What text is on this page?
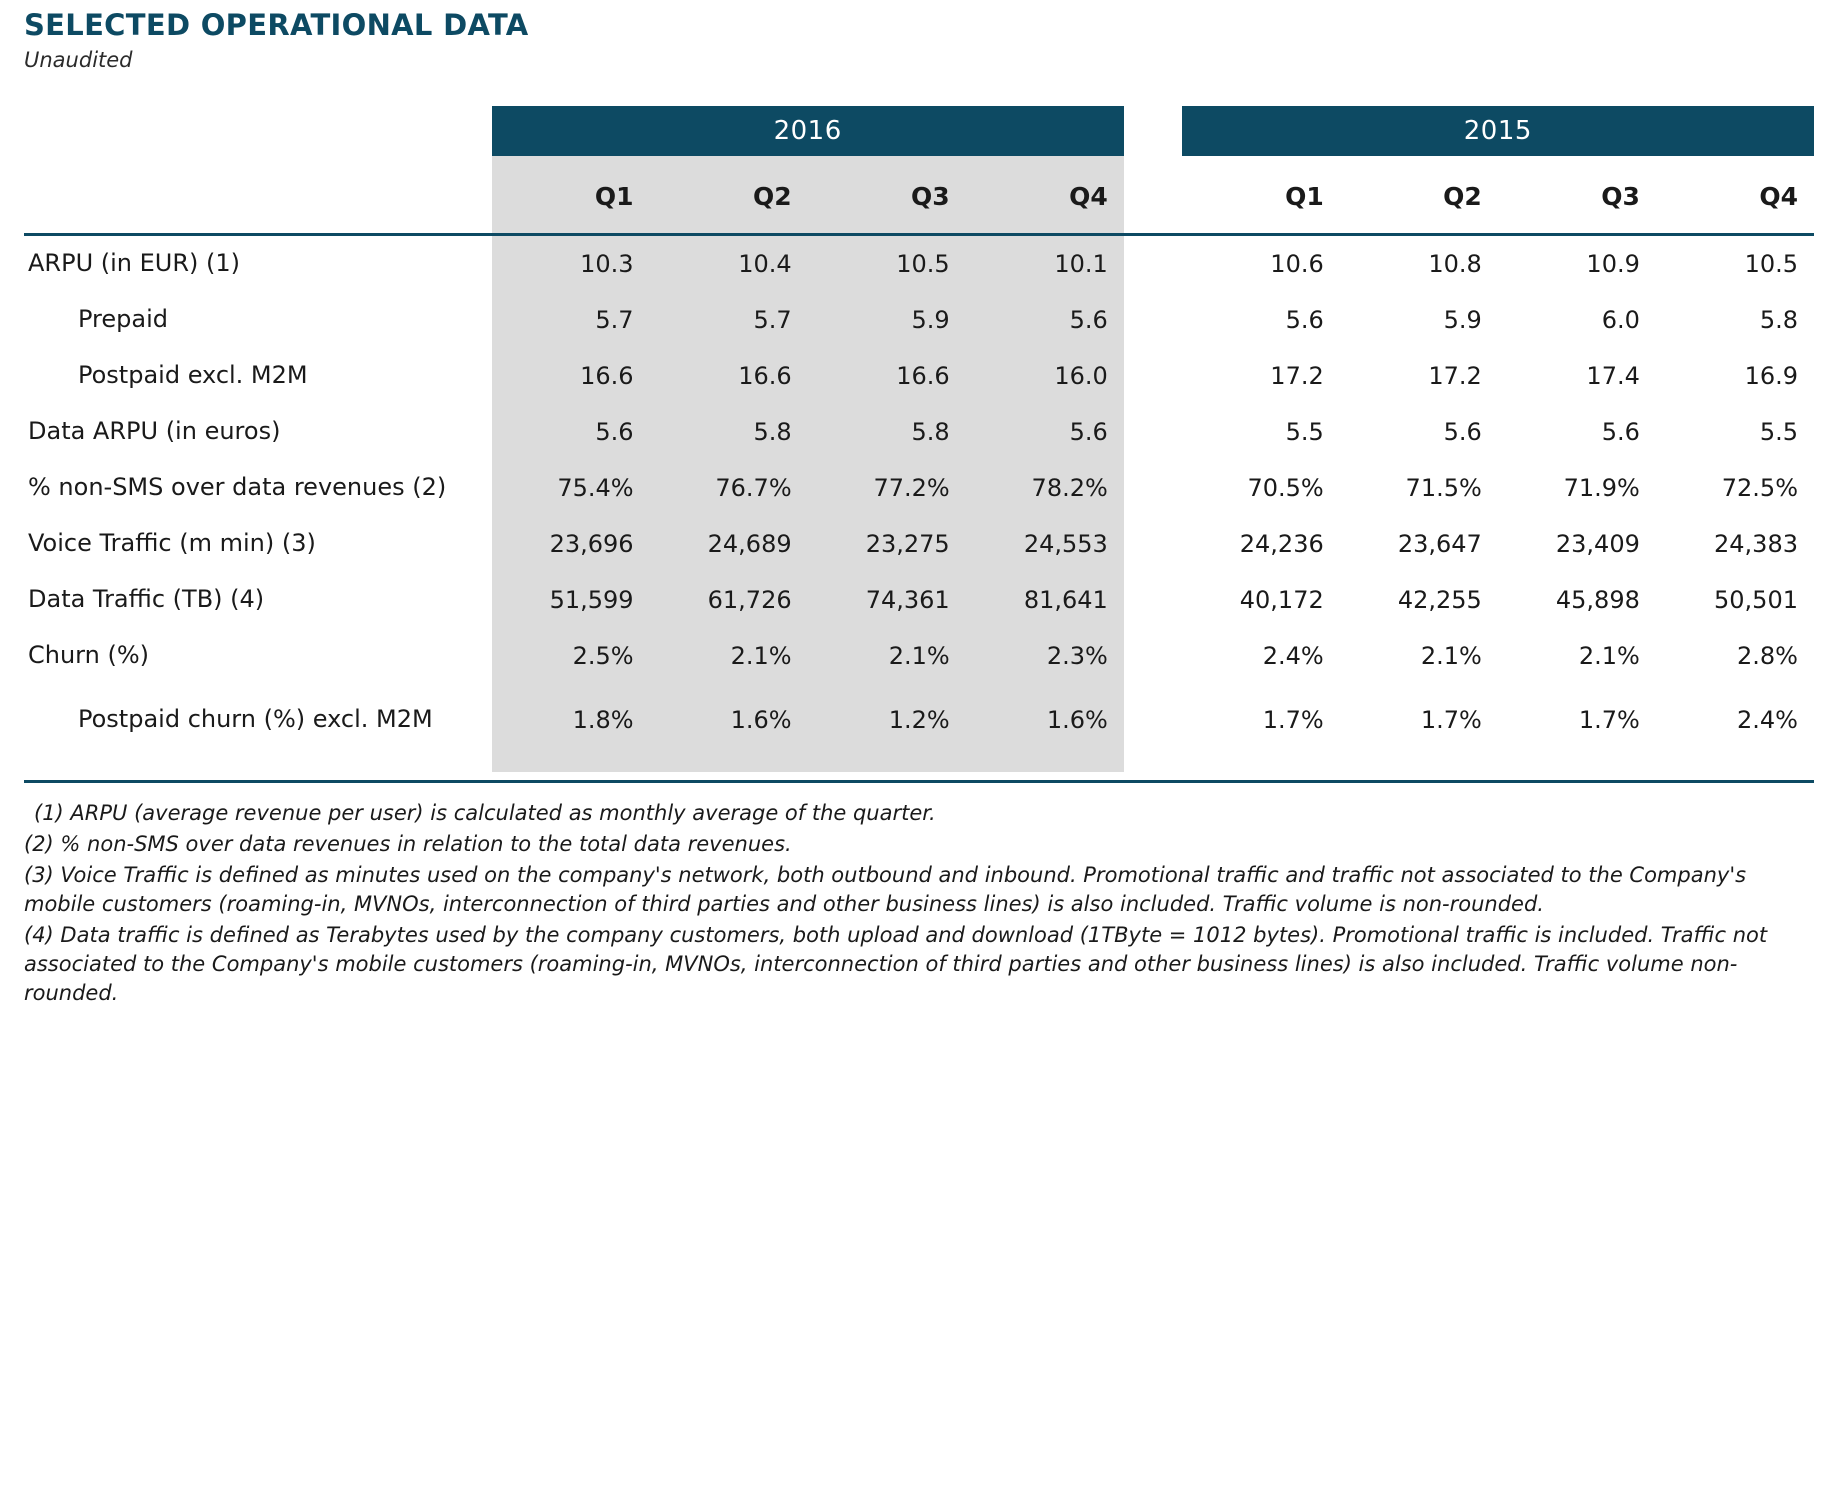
SELECTED OPERATIONAL DATA
Unaudited
	2016					2015			
	Q1	Q2	Q3	Q4		Q1	Q2	Q3	Q4
ARPU (in EUR) (1)	10.3	10.4	10.5	10.1		10.6	10.8	10.9	10.5
Prepaid	5.7	5.7	5.9	5.6		5.6	5.9	6.0	5.8
Postpaid excl. M2M	16.6	16.6	16.6	16.0		17.2	17.2	17.4	16.9
Data ARPU (in euros)	5.6	5.8	5.8	5.6		5.5	5.6	5.6	5.5
% non-SMS over data revenues (2)	75.4%	76.7%	77.2%	78.2%		70.5%	71.5%	71.9%	72.5%
Voice Traffic (m min) (3)	23,696	24,689	23,275	24,553		24,236	23,647	23,409	24,383
Data Traffic (TB) (4)	51,599	61,726	74,361	81,641		40,172	42,255	45,898	50,501
Churn (%)	2.5%	2.1%	2.1%	2.3%		2.4%	2.1%	2.1%	2.8%
Postpaid churn (%) excl. M2M	1.8%	1.6%	1.2%	1.6%		1.7%	1.7%	1.7%	2.4%

(1) ARPU (average revenue per user) is calculated as monthly average of the quarter.

(2) % non-SMS over data revenues in relation to the total data revenues.

(3) Voice Traffic is defined as minutes used on the company's network, both outbound and inbound. Promotional traffic and traffic not associated to the Company's mobile customers (roaming-in, MVNOs, interconnection of third parties and other business lines) is also included. Traffic volume is non-rounded.

(4) Data traffic is defined as Terabytes used by the company customers, both upload and download (1TByte = 1012 bytes). Promotional traffic is included. Traffic not associated to the Company's mobile customers (roaming-in, MVNOs, interconnection of third parties and other business lines) is also included. Traffic volume non-rounded.
